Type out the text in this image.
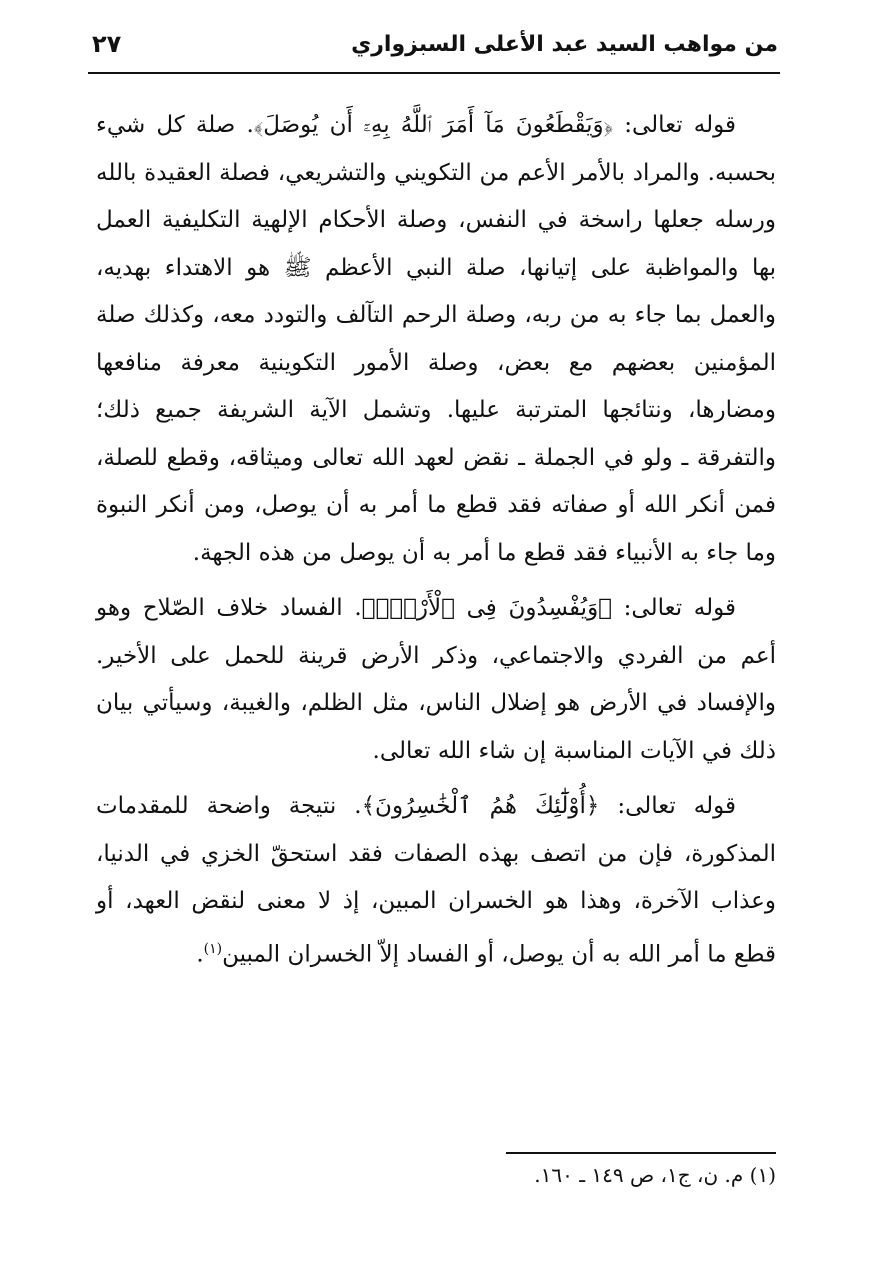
من مواهب السيد عبد الأعلى السبزواري
٢٧

قوله تعالى: ﴿وَيَقْطَعُونَ مَآ أَمَرَ ٱللَّهُ بِهِۦٓ أَن يُوصَلَ﴾. صلة كل شيء بحسبه. والمراد بالأمر الأعم من التكويني والتشريعي، فصلة العقيدة بالله ورسله جعلها راسخة في النفس، وصلة الأحكام الإلهية التكليفية العمل بها والمواظبة على إتيانها، صلة النبي الأعظم ﷺ هو الاهتداء بهديه، والعمل بما جاء به من ربه، وصلة الرحم التآلف والتودد معه، وكذلك صلة المؤمنين بعضهم مع بعض، وصلة الأمور التكوينية معرفة منافعها ومضارها، ونتائجها المترتبة عليها. وتشمل الآية الشريفة جميع ذلك؛ والتفرقة ـ ولو في الجملة ـ نقض لعهد الله تعالى وميثاقه، وقطع للصلة، فمن أنكر الله أو صفاته فقد قطع ما أمر به أن يوصل، ومن أنكر النبوة وما جاء به الأنبياء فقد قطع ما أمر به أن يوصل من هذه الجهة.

قوله تعالى: ﴿وَيُفْسِدُونَ فِى ٱلْأَرْضِۚ﴾. الفساد خلاف الصّلاح وهو أعم من الفردي والاجتماعي، وذكر الأرض قرينة للحمل على الأخير. والإفساد في الأرض هو إضلال الناس، مثل الظلم، والغيبة، وسيأتي بيان ذلك في الآيات المناسبة إن شاء الله تعالى.

قوله تعالى: ﴿أُوْلَٰٓئِكَ هُمُ ٱلْخَٰسِرُونَ﴾. نتيجة واضحة للمقدمات المذكورة، فإن من اتصف بهذه الصفات فقد استحقّ الخزي في الدنيا، وعذاب الآخرة، وهذا هو الخسران المبين، إذ لا معنى لنقض العهد، أو قطع ما أمر الله به أن يوصل، أو الفساد إلاّ الخسران المبين$^{(١)}$.

(١) م. ن، ج١، ص ١٤٩ ـ ١٦٠.
